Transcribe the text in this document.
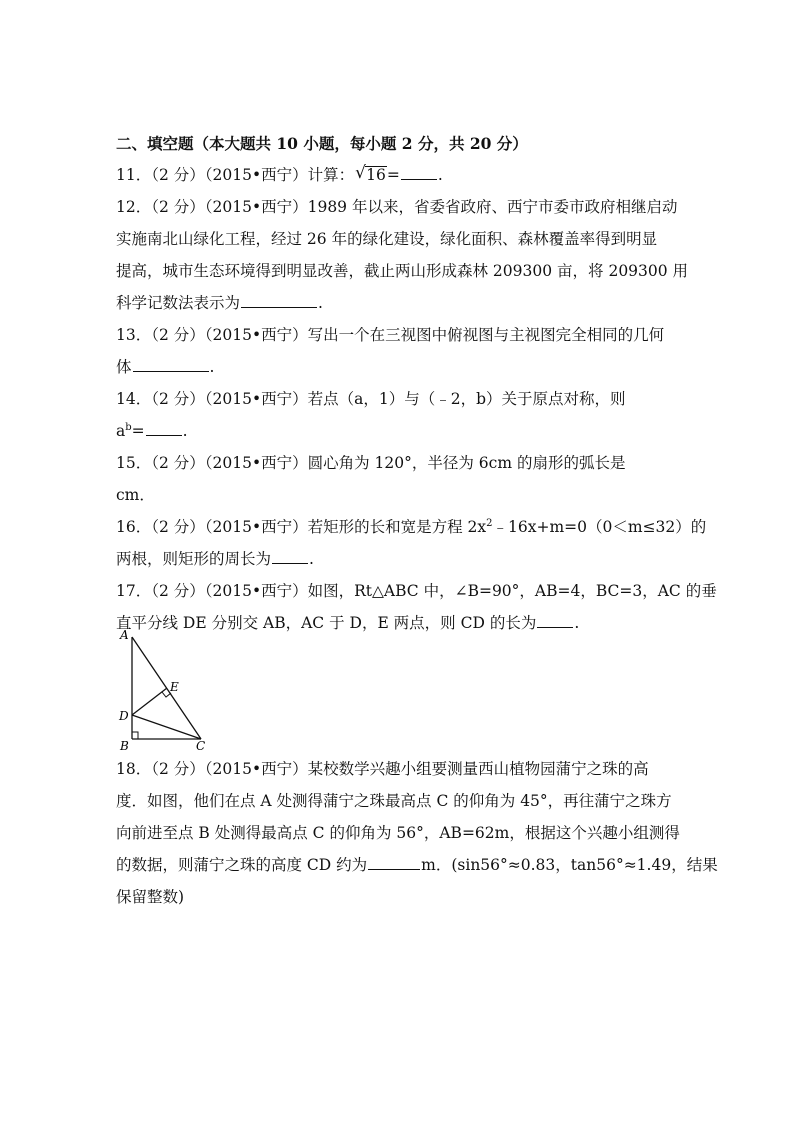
二、填空题（本大题共 10 小题，每小题 2 分，共 20 分）
11．（2 分）（2015•西宁）计算： √ 16= .
12．（2 分）（2015•西宁）1989 年以来，省委省政府、西宁市委市政府相继启动
实施南北山绿化工程，经过 26 年的绿化建设，绿化面积、森林覆盖率得到明显
提高，城市生态环境得到明显改善，截止两山形成森林 209300 亩，将 209300 用
科学记数法表示为	.
13．（2 分）（2015•西宁）写出一个在三视图中俯视图与主视图完全相同的几何
体	.
14．（2 分）（2015•西宁）若点（a，1）与（﹣2，b）关于原点对称，则
$a^b=$ .
15．（2 分）（2015•西宁）圆心角为 120°，半径为 6cm 的扇形的弧长是
cm．
16．（2 分）（2015•西宁）若矩形的长和宽是方程 $2x^2﹣16x+m=0(0<m\le 32)$的
两根，则矩形的周长为 .
17．（2 分）（2015•西宁）如图，Rt△ABC 中，∠B=90°，AB=4，BC=3，AC 的垂
直平分线 DE 分别交 AB，AC 于 D，E 两点，则 CD 的长为 .
A
B	C
D
E
18．（2 分）（2015•西宁）某校数学兴趣小组要测量西山植物园蒲宁之珠的高
度．如图，他们在点 A 处测得蒲宁之珠最高点 C 的仰角为 45°，再往蒲宁之珠方
向前进至点 B 处测得最高点 C 的仰角为 56°，AB=62m，根据这个兴趣小组测得
的数据，则蒲宁之珠的高度 CD 约为	m．(sin56°≈0.83，tan56°≈1.49，结果
保留整数)
